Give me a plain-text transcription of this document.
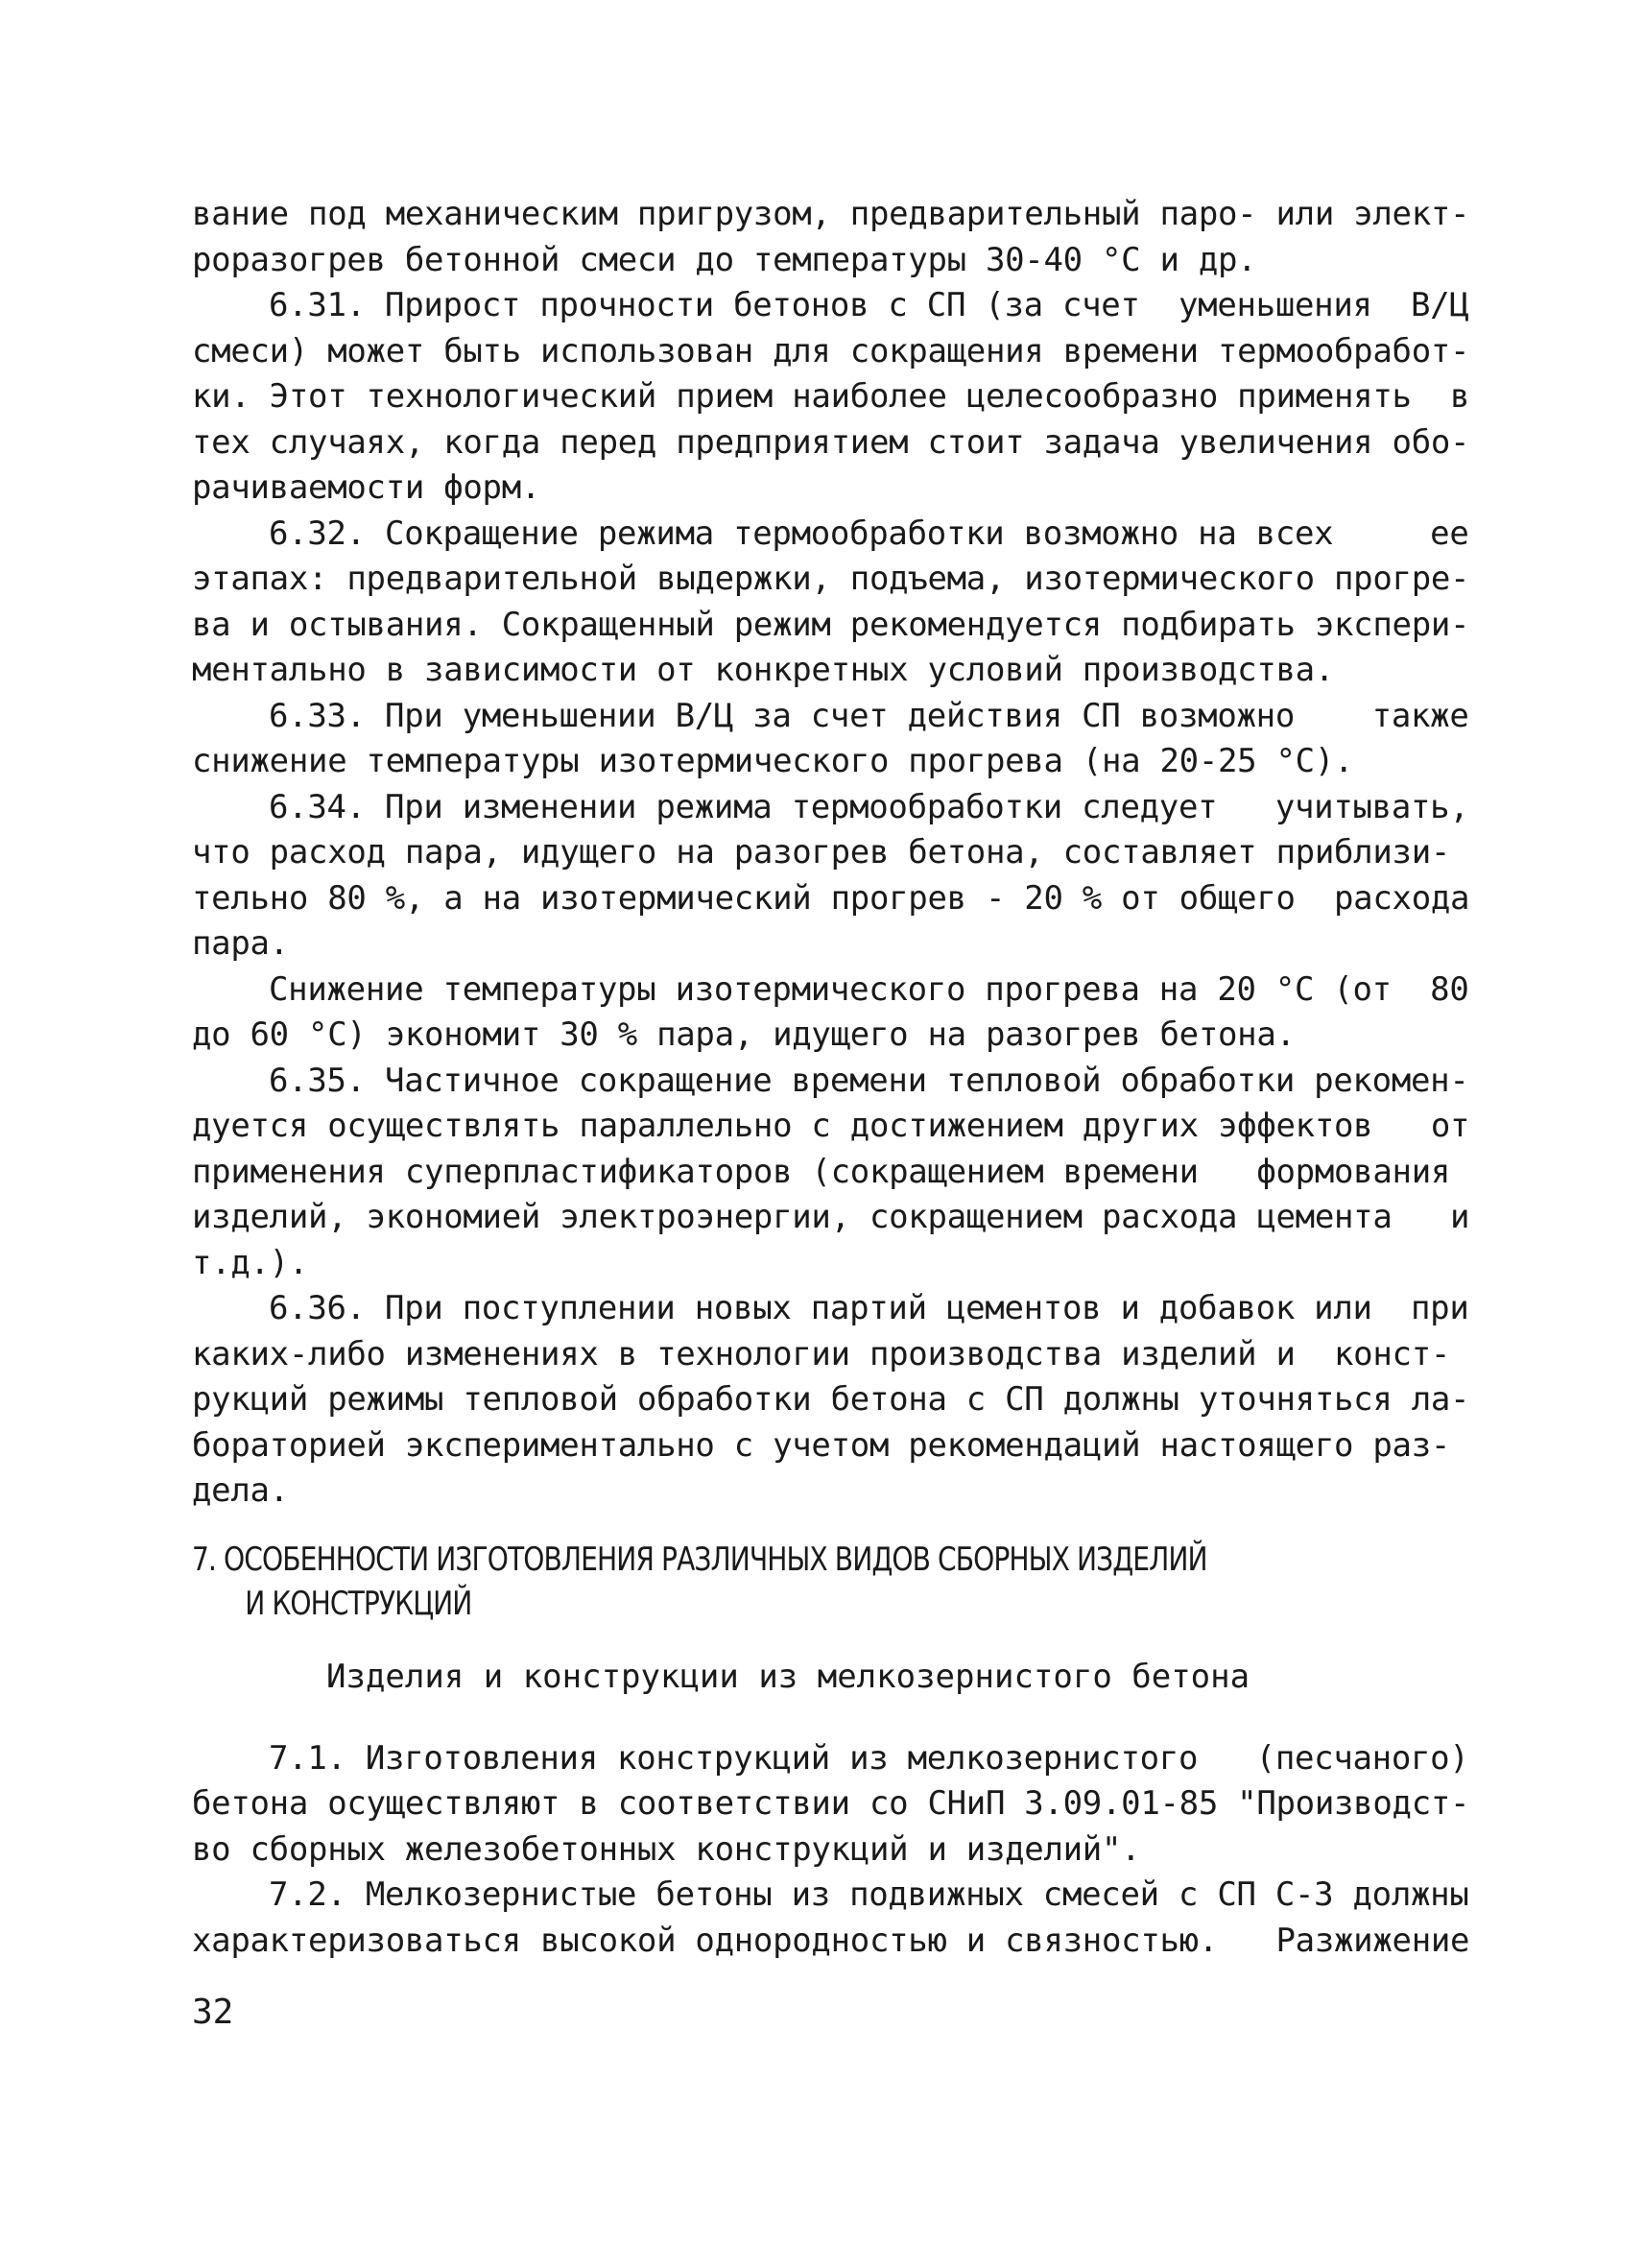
вание под механическим пригрузом, предварительный паро- или элект-
роразогрев бетонной смеси до температуры 30-40 °С и др.
6.31. Прирост прочности бетонов с СП (за счет  уменьшения  В/Ц
смеси) может быть использован для сокращения времени термообработ-
ки. Этот технологический прием наиболее целесообразно применять  в
тех случаях, когда перед предприятием стоит задача увеличения обо-
рачиваемости форм.
6.32. Сокращение режима термообработки возможно на всех     ее
этапах: предварительной выдержки, подъема, изотермического прогре-
ва и остывания. Сокращенный режим рекомендуется подбирать экспери-
ментально в зависимости от конкретных условий производства.
6.33. При уменьшении В/Ц за счет действия СП возможно    также
снижение температуры изотермического прогрева (на 20-25 °С).
6.34. При изменении режима термообработки следует   учитывать,
что расход пара, идущего на разогрев бетона, составляет приблизи-
тельно 80 %, а на изотермический прогрев - 20 % от общего  расхода
пара.
Снижение температуры изотермического прогрева на 20 °С (от  80
до 60 °С) экономит 30 % пара, идущего на разогрев бетона.
6.35. Частичное сокращение времени тепловой обработки рекомен-
дуется осуществлять параллельно с достижением других эффектов   от
применения суперпластификаторов (сокращением времени   формования
изделий, экономией электроэнергии, сокращением расхода цемента   и
т.д.).
6.36. При поступлении новых партий цементов и добавок или  при
каких-либо изменениях в технологии производства изделий и  конст-
рукций режимы тепловой обработки бетона с СП должны уточняться ла-
бораторией экспериментально с учетом рекомендаций настоящего раз-
дела.
7. ОСОБЕННОСТИ ИЗГОТОВЛЕНИЯ РАЗЛИЧНЫХ ВИДОВ СБОРНЫХ ИЗДЕЛИЙ
И КОНСТРУКЦИЙ
Изделия и конструкции из мелкозернистого бетона
7.1. Изготовления конструкций из мелкозернистого   (песчаного)
бетона осуществляют в соответствии со СНиП 3.09.01-85 "Производст-
во сборных железобетонных конструкций и изделий".
7.2. Мелкозернистые бетоны из подвижных смесей с СП С-3 должны
характеризоваться высокой однородностью и связностью.   Разжижение
32
